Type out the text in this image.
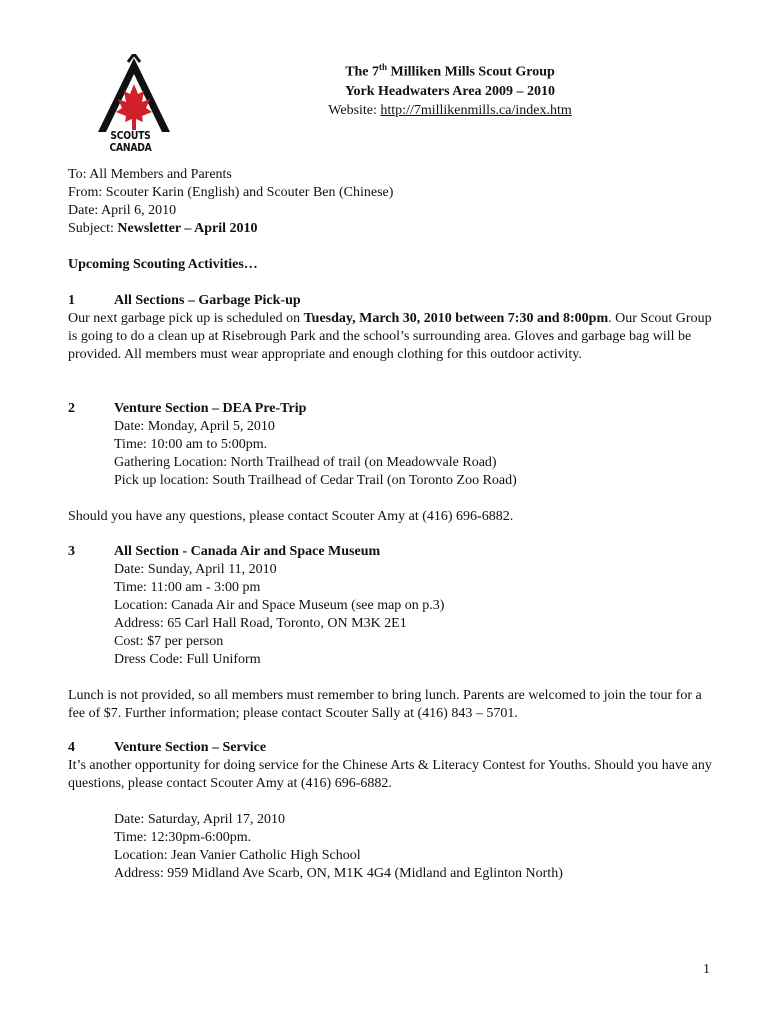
SCOUTS CANADA
The 7th Milliken Mills Scout Group
York Headwaters Area 2009 – 2010
Website: http://7millikenmills.ca/index.htm
To: All Members and Parents
From: Scouter Karin (English) and Scouter Ben (Chinese)
Date: April 6, 2010
Subject: Newsletter – April 2010
Upcoming Scouting Activities…
1	All Sections – Garbage Pick-up
Our next garbage pick up is scheduled on Tuesday, March 30, 2010 between 7:30 and 8:00pm. Our Scout Group is going to do a clean up at Risebrough Park and the school’s surrounding area. Gloves and garbage bag will be provided. All members must wear appropriate and enough clothing for this outdoor activity.
2	Venture Section – DEA Pre-Trip
Date: Monday, April 5, 2010
Time: 10:00 am to 5:00pm.
Gathering Location: North Trailhead of trail (on Meadowvale Road)
Pick up location: South Trailhead of Cedar Trail (on Toronto Zoo Road)
Should you have any questions, please contact Scouter Amy at (416) 696-6882.
3	All Section - Canada Air and Space Museum
Date: Sunday, April 11, 2010
Time: 11:00 am - 3:00 pm
Location: Canada Air and Space Museum (see map on p.3)
Address: 65 Carl Hall Road, Toronto, ON M3K 2E1
Cost: $7 per person
Dress Code: Full Uniform
Lunch is not provided, so all members must remember to bring lunch. Parents are welcomed to join the tour for a fee of $7. Further information; please contact Scouter Sally at (416) 843 – 5701.
4	Venture Section – Service
It’s another opportunity for doing service for the Chinese Arts & Literacy Contest for Youths. Should you have any questions, please contact Scouter Amy at (416) 696-6882.
Date: Saturday, April 17, 2010
Time: 12:30pm-6:00pm.
Location: Jean Vanier Catholic High School
Address: 959 Midland Ave Scarb, ON, M1K 4G4 (Midland and Eglinton North)
1
